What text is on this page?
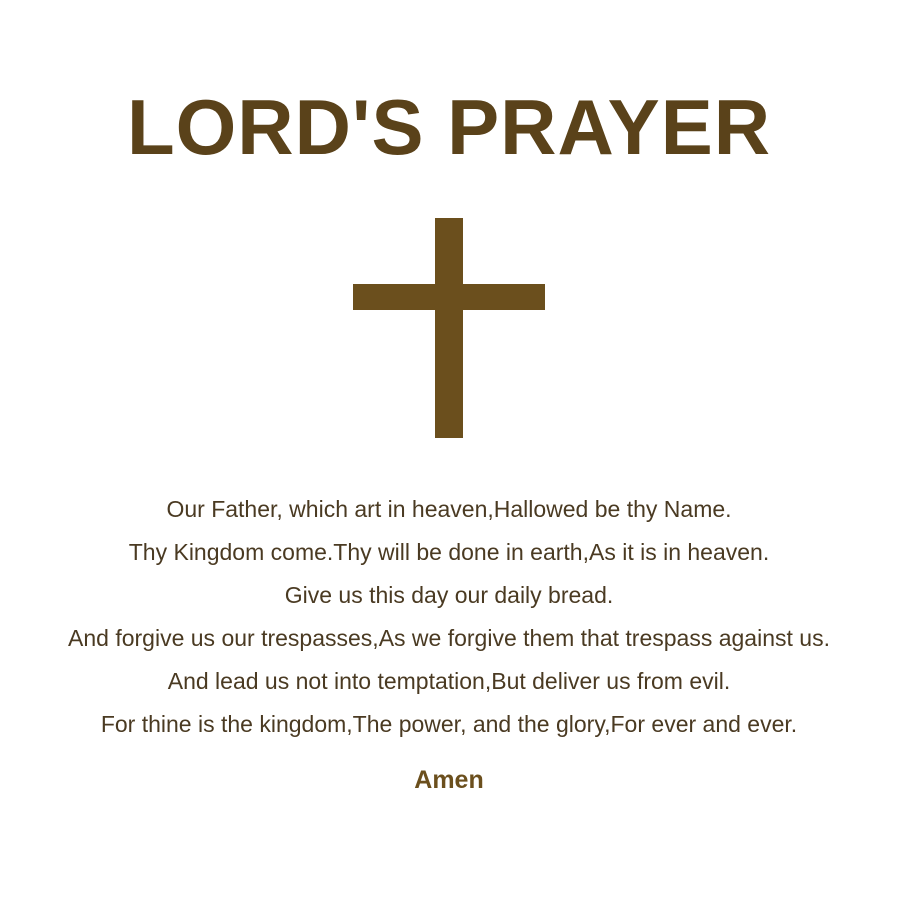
LORD'S PRAYER
Our Father, which art in heaven,Hallowed be thy Name.
Thy Kingdom come.Thy will be done in earth,As it is in heaven.
Give us this day our daily bread.
And forgive us our trespasses,As we forgive them that trespass against us.
And lead us not into temptation,But deliver us from evil.
For thine is the kingdom,The power, and the glory,For ever and ever.
Amen
